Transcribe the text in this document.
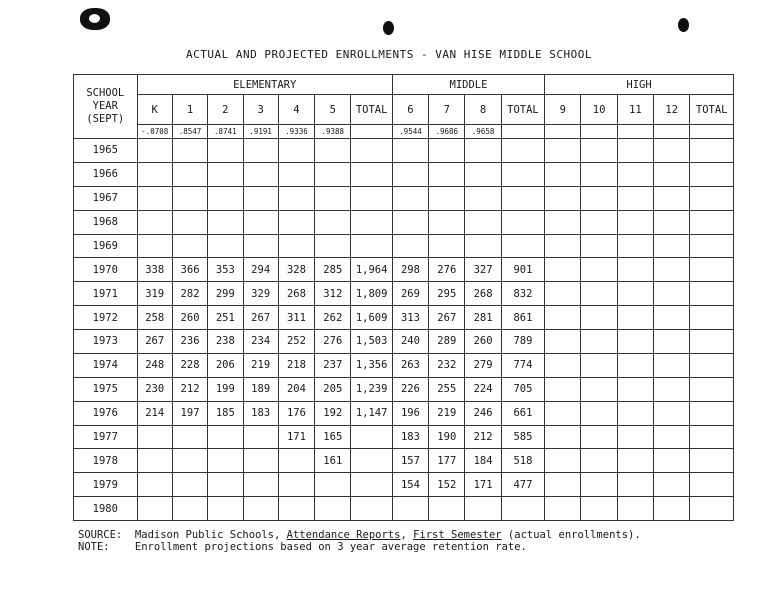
ACTUAL AND PROJECTED ENROLLMENTS - VAN HISE MIDDLE SCHOOL
SCHOOL
YEAR
(SEPT)	ELEMENTARY							MIDDLE				HIGH				
	K	1	2	3	4	5	TOTAL	6	7	8	TOTAL	9	10	11	12	TOTAL
	-.0708	.8547	.8741	.9191	.9336	.9388		.9544	.9686	.9658						
1965																
1966																
1967																
1968																
1969																
1970	338	366	353	294	328	285	1,964	298	276	327	901					
1971	319	282	299	329	268	312	1,809	269	295	268	832					
1972	258	260	251	267	311	262	1,609	313	267	281	861					
1973	267	236	238	234	252	276	1,503	240	289	260	789					
1974	248	228	206	219	218	237	1,356	263	232	279	774					
1975	230	212	199	189	204	205	1,239	226	255	224	705					
1976	214	197	185	183	176	192	1,147	196	219	246	661					
1977					171	165		183	190	212	585					
1978						161		157	177	184	518					
1979								154	152	171	477					
1980																
SOURCE: Madison Public Schools, Attendance Reports, First Semester (actual enrollments).
NOTE: Enrollment projections based on 3 year average retention rate.
